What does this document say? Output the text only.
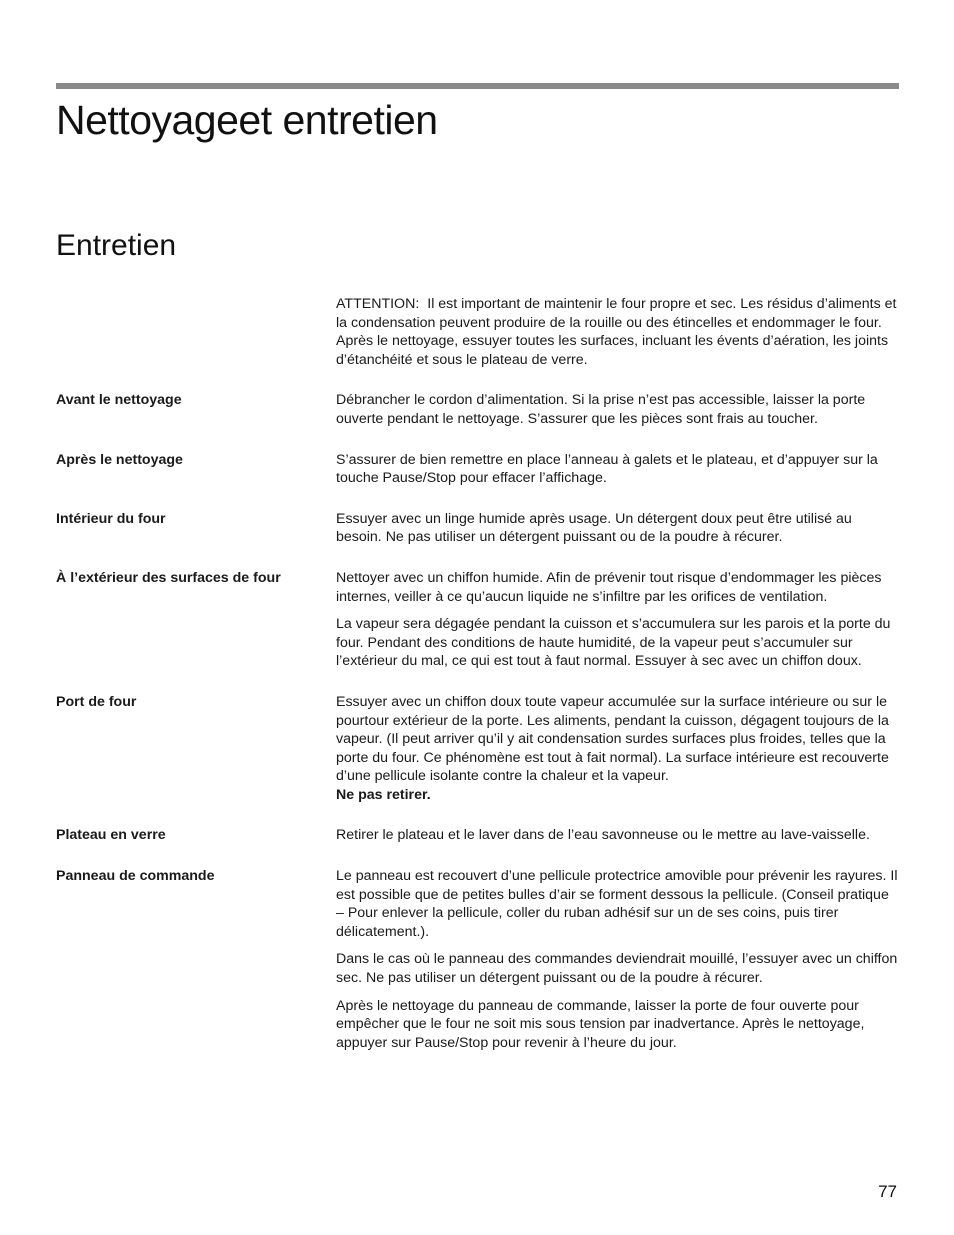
Nettoyageet entretien
Entretien
ATTENTION: Il est important de maintenir le four propre et sec. Les résidus d’aliments et la condensation peuvent produire de la rouille ou des étincelles et endommager le four. Après le nettoyage, essuyer toutes les surfaces, incluant les évents d’aération, les joints d’étanchéité et sous le plateau de verre.
Avant le nettoyage	Débrancher le cordon d’alimentation. Si la prise n’est pas accessible, laisser la porte ouverte pendant le nettoyage. S’assurer que les pièces sont frais au toucher.

Après le nettoyage	S’assurer de bien remettre en place l’anneau à galets et le plateau, et d’appuyer sur la touche Pause/Stop pour effacer l’affichage.

Intérieur du four	Essuyer avec un linge humide après usage. Un détergent doux peut être utilisé au besoin. Ne pas utiliser un détergent puissant ou de la poudre à récurer.

À l’extérieur des surfaces de four	Nettoyer avec un chiffon humide. Afin de prévenir tout risque d’endommager les pièces internes, veiller à ce qu’aucun liquide ne s’infiltre par les orifices de ventilation.

La vapeur sera dégagée pendant la cuisson et s’accumulera sur les parois et la porte du four. Pendant des conditions de haute humidité, de la vapeur peut s’accumuler sur l’extérieur du mal, ce qui est tout à faut normal. Essuyer à sec avec un chiffon doux.

Port de four	Essuyer avec un chiffon doux toute vapeur accumulée sur la surface intérieure ou sur le pourtour extérieur de la porte. Les aliments, pendant la cuisson, dégagent toujours de la vapeur. (Il peut arriver qu’il y ait condensation surdes surfaces plus froides, telles que la porte du four. Ce phénomène est tout à fait normal). La surface intérieure est recouverte d’une pellicule isolante contre la chaleur et la vapeur.
Ne pas retirer.

Plateau en verre	Retirer le plateau et le laver dans de l’eau savonneuse ou le mettre au lave-vaisselle.

Panneau de commande	Le panneau est recouvert d’une pellicule protectrice amovible pour prévenir les rayures. Il est possible que de petites bulles d’air se forment dessous la pellicule. (Conseil pratique – Pour enlever la pellicule, coller du ruban adhésif sur un de ses coins, puis tirer délicatement.).

Dans le cas où le panneau des commandes deviendrait mouillé, l’essuyer avec un chiffon sec. Ne pas utiliser un détergent puissant ou de la poudre à récurer.

Après le nettoyage du panneau de commande, laisser la porte de four ouverte pour empêcher que le four ne soit mis sous tension par inadvertance. Après le nettoyage, appuyer sur Pause/Stop pour revenir à l’heure du jour.

77
